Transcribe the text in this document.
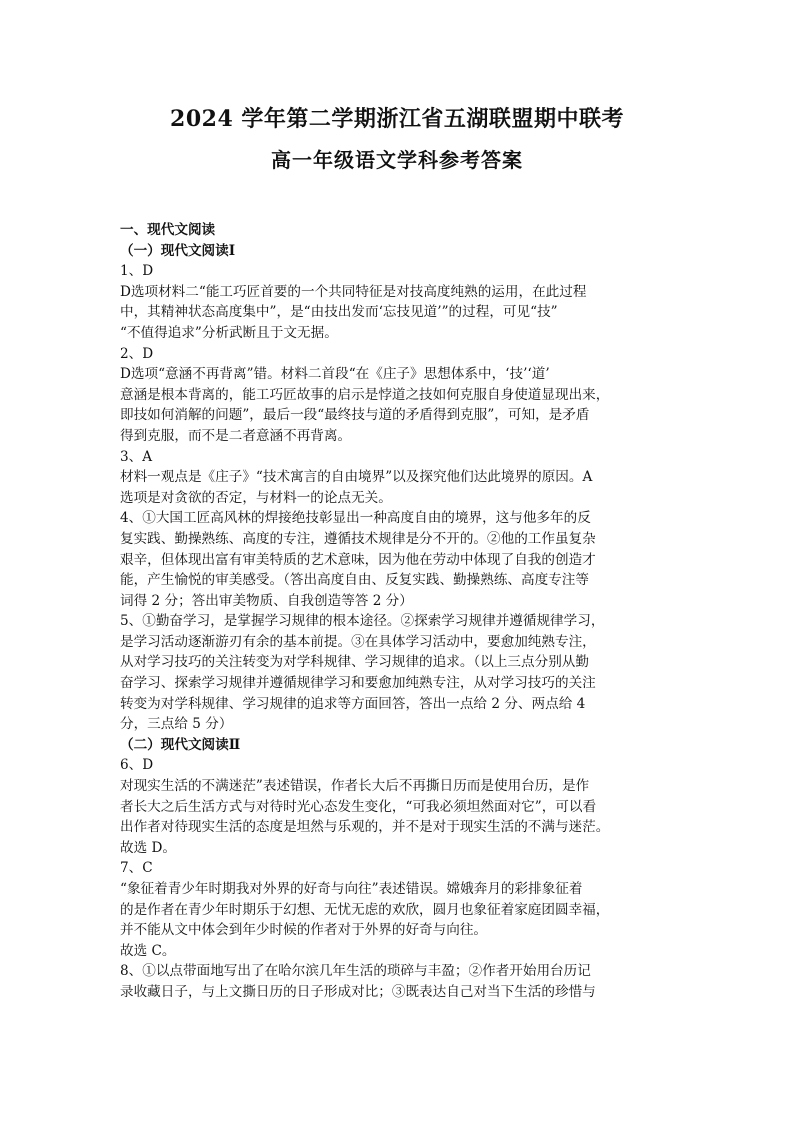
2024 学年第二学期浙江省五湖联盟期中联考
高一年级语文学科参考答案
一、现代文阅读
（一）现代文阅读Ⅰ
1、D
D选项材料二“能工巧匠首要的一个共同特征是对技高度纯熟的运用，在此过程
中，其精神状态高度集中”，是“由技出发而‘忘技见道’”的过程，可见“技”
“不值得追求”分析武断且于文无据。
2、D
D选项“意涵不再背离”错。材料二首段“在《庄子》思想体系中，‘技’‘道’
意涵是根本背离的，能工巧匠故事的启示是悖道之技如何克服自身使道显现出来，
即技如何消解的问题”，最后一段“最终技与道的矛盾得到克服”，可知，是矛盾
得到克服，而不是二者意涵不再背离。
3、A
材料一观点是《庄子》“技术寓言的自由境界”以及探究他们达此境界的原因。A
选项是对贪欲的否定，与材料一的论点无关。
4、①大国工匠高风林的焊接绝技彰显出一种高度自由的境界，这与他多年的反
复实践、勤操熟练、高度的专注，遵循技术规律是分不开的。②他的工作虽复杂
艰辛，但体现出富有审美特质的艺术意味，因为他在劳动中体现了自我的创造才
能，产生愉悦的审美感受。（答出高度自由、反复实践、勤操熟练、高度专注等
词得 2 分；答出审美物质、自我创造等答 2 分）
5、①勤奋学习，是掌握学习规律的根本途径。②探索学习规律并遵循规律学习，
是学习活动逐渐游刃有余的基本前提。③在具体学习活动中，要愈加纯熟专注，
从对学习技巧的关注转变为对学科规律、学习规律的追求。（以上三点分别从勤
奋学习、探索学习规律并遵循规律学习和要愈加纯熟专注，从对学习技巧的关注
转变为对学科规律、学习规律的追求等方面回答，答出一点给 2 分、两点给 4
分，三点给 5 分）
（二）现代文阅读Ⅱ
6、D
对现实生活的不满迷茫”表述错误，作者长大后不再撕日历而是使用台历，是作
者长大之后生活方式与对待时光心态发生变化，“可我必须坦然面对它”，可以看
出作者对待现实生活的态度是坦然与乐观的，并不是对于现实生活的不满与迷茫。
故选 D。
7、C
“象征着青少年时期我对外界的好奇与向往”表述错误。嫦娥奔月的彩排象征着
的是作者在青少年时期乐于幻想、无忧无虑的欢欣，圆月也象征着家庭团圆幸福，
并不能从文中体会到年少时候的作者对于外界的好奇与向往。
故选 C。
8、①以点带面地写出了在哈尔滨几年生活的琐碎与丰盈；②作者开始用台历记
录收藏日子，与上文撕日历的日子形成对比；③既表达自己对当下生活的珍惜与
